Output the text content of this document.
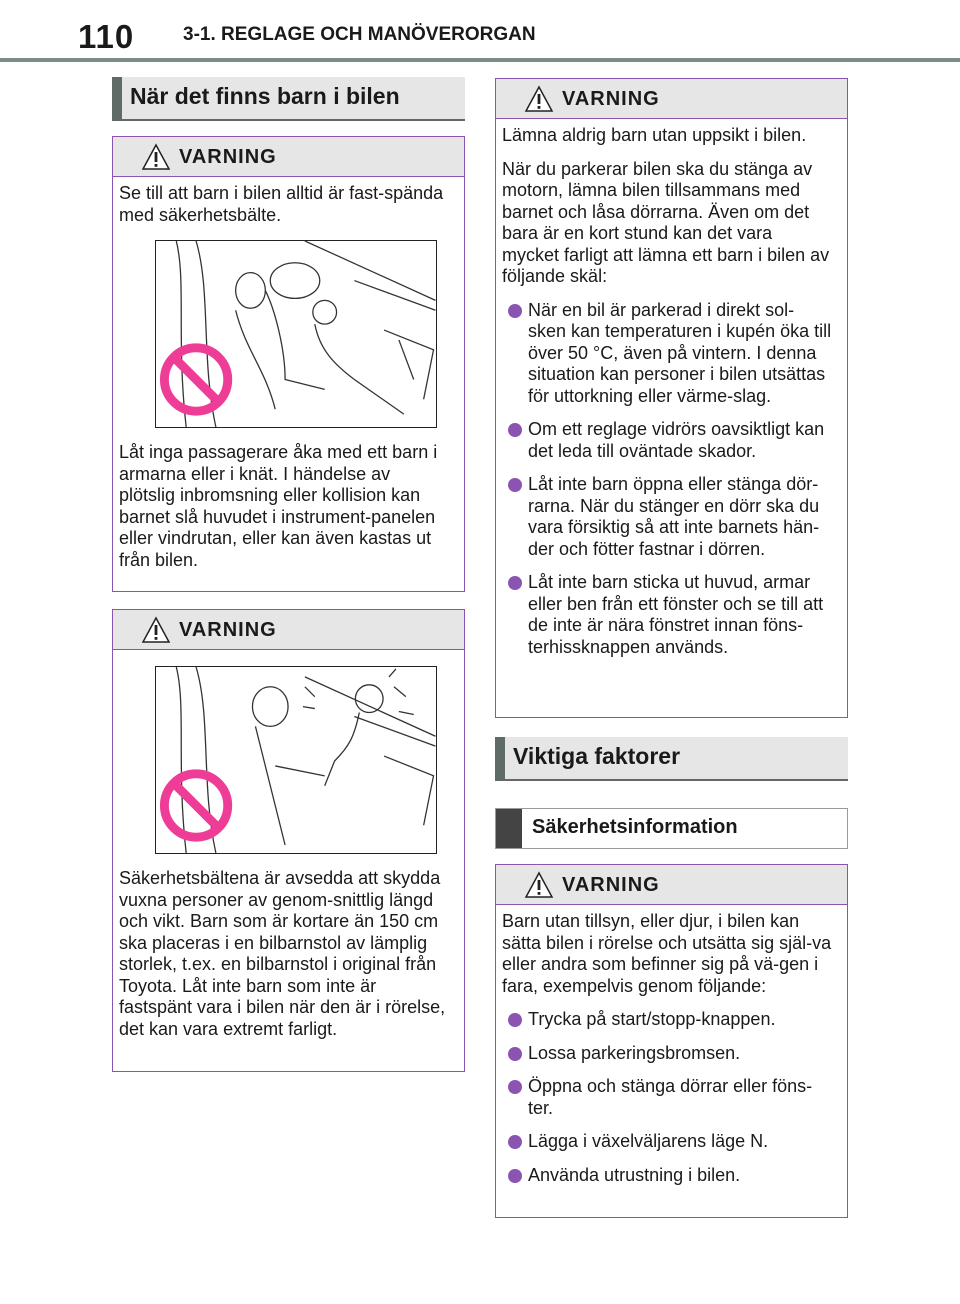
110	3-1. REGLAGE OCH MANÖVERORGAN
När det finns barn i bilen
VARNING
Se till att barn i bilen alltid är fast-spända med säkerhetsbälte.
Låt inga passagerare åka med ett barn i armarna eller i knät. I händelse av plötslig inbromsning eller kollision kan barnet slå huvudet i instrument-panelen eller vindrutan, eller kan även kastas ut från bilen.
VARNING
Säkerhetsbältena är avsedda att skydda vuxna personer av genom-snittlig längd och vikt. Barn som är kortare än 150 cm ska placeras i en bilbarnstol av lämplig storlek, t.ex. en bilbarnstol i original från Toyota. Låt inte barn som inte är fastspänt vara i bilen när den är i rörelse, det kan vara extremt farligt.
VARNING
Lämna aldrig barn utan uppsikt i bilen.
När du parkerar bilen ska du stänga av motorn, lämna bilen tillsammans med barnet och låsa dörrarna. Även om det bara är en kort stund kan det vara mycket farligt att lämna ett barn i bilen av följande skäl:
När en bil är parkerad i direkt sol-sken kan temperaturen i kupén öka till över 50 °C, även på vintern. I denna situation kan personer i bilen utsättas för uttorkning eller värme-slag.
Om ett reglage vidrörs oavsiktligt kan det leda till oväntade skador.
Låt inte barn öppna eller stänga dör-rarna. När du stänger en dörr ska du vara försiktig så att inte barnets hän-der och fötter fastnar i dörren.
Låt inte barn sticka ut huvud, armar eller ben från ett fönster och se till att de inte är nära fönstret innan föns-terhissknappen används.
Viktiga faktorer
Säkerhetsinformation
VARNING
Barn utan tillsyn, eller djur, i bilen kan sätta bilen i rörelse och utsätta sig själ-va eller andra som befinner sig på vä-gen i fara, exempelvis genom följande:
Trycka på start/stopp-knappen.
Lossa parkeringsbromsen.
Öppna och stänga dörrar eller föns-ter.
Lägga i växelväljarens läge N.
Använda utrustning i bilen.
